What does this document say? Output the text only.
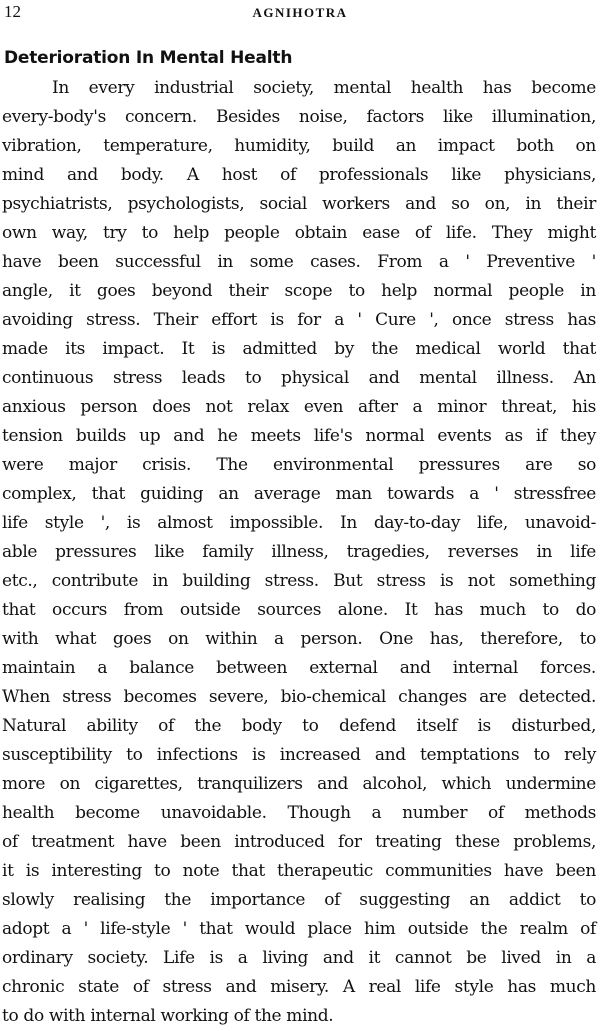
12	AGNIHOTRA
Deterioration In Mental Health
In every industrial society, mental health has become
every-body's concern. Besides noise, factors like illumination,
vibration, temperature, humidity, build an impact both on
mind and body. A host of professionals like physicians,
psychiatrists, psychologists, social workers and so on, in their
own way, try to help people obtain ease of life. They might
have been successful in some cases. From a ' Preventive '
angle, it goes beyond their scope to help normal people in
avoiding stress. Their effort is for a ' Cure ', once stress has
made its impact. It is admitted by the medical world that
continuous stress leads to physical and mental illness. An
anxious person does not relax even after a minor threat, his
tension builds up and he meets life's normal events as if they
were major crisis. The environmental pressures are so
complex, that guiding an average man towards a ' stressfree
life style ', is almost impossible. In day-to-day life, unavoid-
able pressures like family illness, tragedies, reverses in life
etc., contribute in building stress. But stress is not something
that occurs from outside sources alone. It has much to do
with what goes on within a person. One has, therefore, to
maintain a balance between external and internal forces.
When stress becomes severe, bio-chemical changes are detected.
Natural ability of the body to defend itself is disturbed,
susceptibility to infections is increased and temptations to rely
more on cigarettes, tranquilizers and alcohol, which undermine
health become unavoidable. Though a number of methods
of treatment have been introduced for treating these problems,
it is interesting to note that therapeutic communities have been
slowly realising the importance of suggesting an addict to
adopt a ' life-style ' that would place him outside the realm of
ordinary society. Life is a living and it cannot be lived in a
chronic state of stress and misery. A real life style has much
to do with internal working of the mind.
